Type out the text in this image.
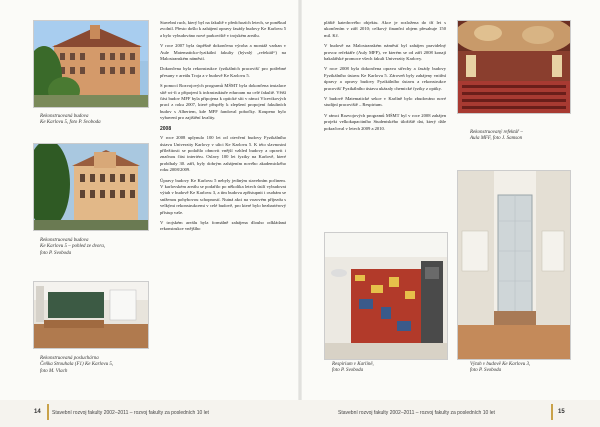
Rekonstruovaná budova
Ke Karlovu 5, foto P. Svoboda
Rekonstruovaná budova
Ke Karlovu 5 – pohled ze dvora,
foto P. Svoboda
Rekonstruovaná posluchárna
Čeňka Strouhala (F1) Ke Karlovu 5,
foto M. Vlach

Stavební ruch, který byl na fakultě v předchozích letech, se poněkud zvolnil. Přesto došlo k zahájení opravy fasády budovy Ke Karlovu 5 a bylo vybudováno nové parkoviště v trojském areálu.

V roce 2007 byla úspěšně dokončena výroba a montáž varhan v Aule Matematicko-fyzikální fakulty (bývalý „refektář“) na Malostranském náměstí.

Dokončena byla rekonstrukce fyzikálních pracovišť pro potřebné přesuny v areálu Troja a v budově Ke Karlovu 5.

S pomocí Rozvojových programů MŠMT byla dokončena instalace sítě wi-fi a připojení k infrastruktuře eduroam na celé fakultě. Větší část budov MFF byla připojena k optické síti v rámci Vícevikových prací z roku 2007, které přispěly k zlepšení propojení fakultních budov s Albertem, kde MFF fandoval pobočky. Koupeno bylo vybavení pro zajištění kvality.

2008

V roce 2008 uplynulo 100 let od otevření budovy Fyzikálního ústavu Univerzity Karlovy v ulici Ke Karlovu 5. K této slavnostní příležitosti se podařilo obnovit vnější vzhled budovy a opravit i značnou část interiéru. Oslavy 100 let fyziky na Karlově, které probíhaly 30. září, byly dobrým zahájením nového akademického roku 2008/2009.

Úpravy budovy Ke Karlovu 5 nebyly jediným stavebním počinem. V karlovském areálu se podařilo po několika letech úsilí vybudovat výtah v budově Ke Karlovu 3, a tím budovu zpřístupnit i osobám se sníženou pohybovou schopností. Nutná akci na vozovém příjezdu s velkými rekonstrukcemi v celé budově, pro které bylo bezbariérový přístup vaše.

V trojském areálu byla formálně zahájena dlouho odkládaná rekonstrukce vnějšího

14 Stavební rozvoj fakulty 2002–2011 – rozvoj fakulty za posledních 10 let

pláště katedrového objektu. Akce je rozložena do tří let s ukončením v září 2010; celkový finanční objem přesahuje 150 mil. Kč.

V budově na Malostranském náměstí byl zahájen pravidelný provoz refektáře (Auly MFF), ve kterém se od září 2008 konají bakalářské promoce všech fakult Univerzity Karlovy.

V roce 2008 byla dokončena oprava střechy a fasády budovy Fyzikálního ústavu Ke Karlovu 5. Zároveň byly zahájeny vnitřní úpravy a opravy budovy Fyzikálního ústavu a rekonstrukce pracovišť Fyzikálního ústavu ukázaly chemické fyziky z optiky.

V budově Matematické sekce v Karlíně bylo zbudováno nové studijní pracoviště – Respirium.

V rámci Rozvojových programů MŠMT byl v roce 2008 zahájen projekt velkokapacitního Studentského úložiště dat, který dále pokračoval v letech 2009 a 2010.

Rekonstruovaný refektář –
Aula MFF, foto J. Samson
Respirium v Karlíně,
foto P. Svoboda
Výtah v budově Ke Karlovu 3,
foto P. Svoboda
Stavební rozvoj fakulty 2002–2011 – rozvoj fakulty za posledních 10 let	15
